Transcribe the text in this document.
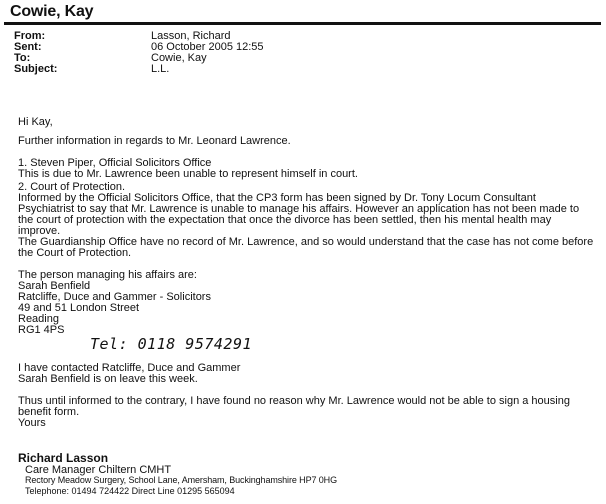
Cowie, Kay
From:	Lasson, Richard
Sent:	06 October 2005 12:55
To:	Cowie, Kay
Subject:	L.L.
Hi Kay,
Further information in regards to Mr. Leonard Lawrence.
1. Steven Piper, Official Solicitors Office
This is due to Mr. Lawrence been unable to represent himself in court.
2. Court of Protection.
Informed by the Official Solicitors Office, that the CP3 form has been signed by Dr. Tony Locum Consultant
Psychiatrist to say that Mr. Lawrence is unable to manage his affairs. However an application has not been made to
the court of protection with the expectation that once the divorce has been settled, then his mental health may
improve.
The Guardianship Office have no record of Mr. Lawrence, and so would understand that the case has not come before
the Court of Protection.
The person managing his affairs are:
Sarah Benfield
Ratcliffe, Duce and Gammer - Solicitors
49 and 51 London Street
Reading
RG1 4PS
Tel: 0118 9574291
I have contacted Ratcliffe, Duce and Gammer
Sarah Benfield is on leave this week.
Thus until informed to the contrary, I have found no reason why Mr. Lawrence would not be able to sign a housing
benefit form.
Yours
Richard Lasson
Care Manager Chiltern CMHT
Rectory Meadow Surgery, School Lane, Amersham, Buckinghamshire HP7 0HG
Telephone: 01494 724422 Direct Line 01295 565094
